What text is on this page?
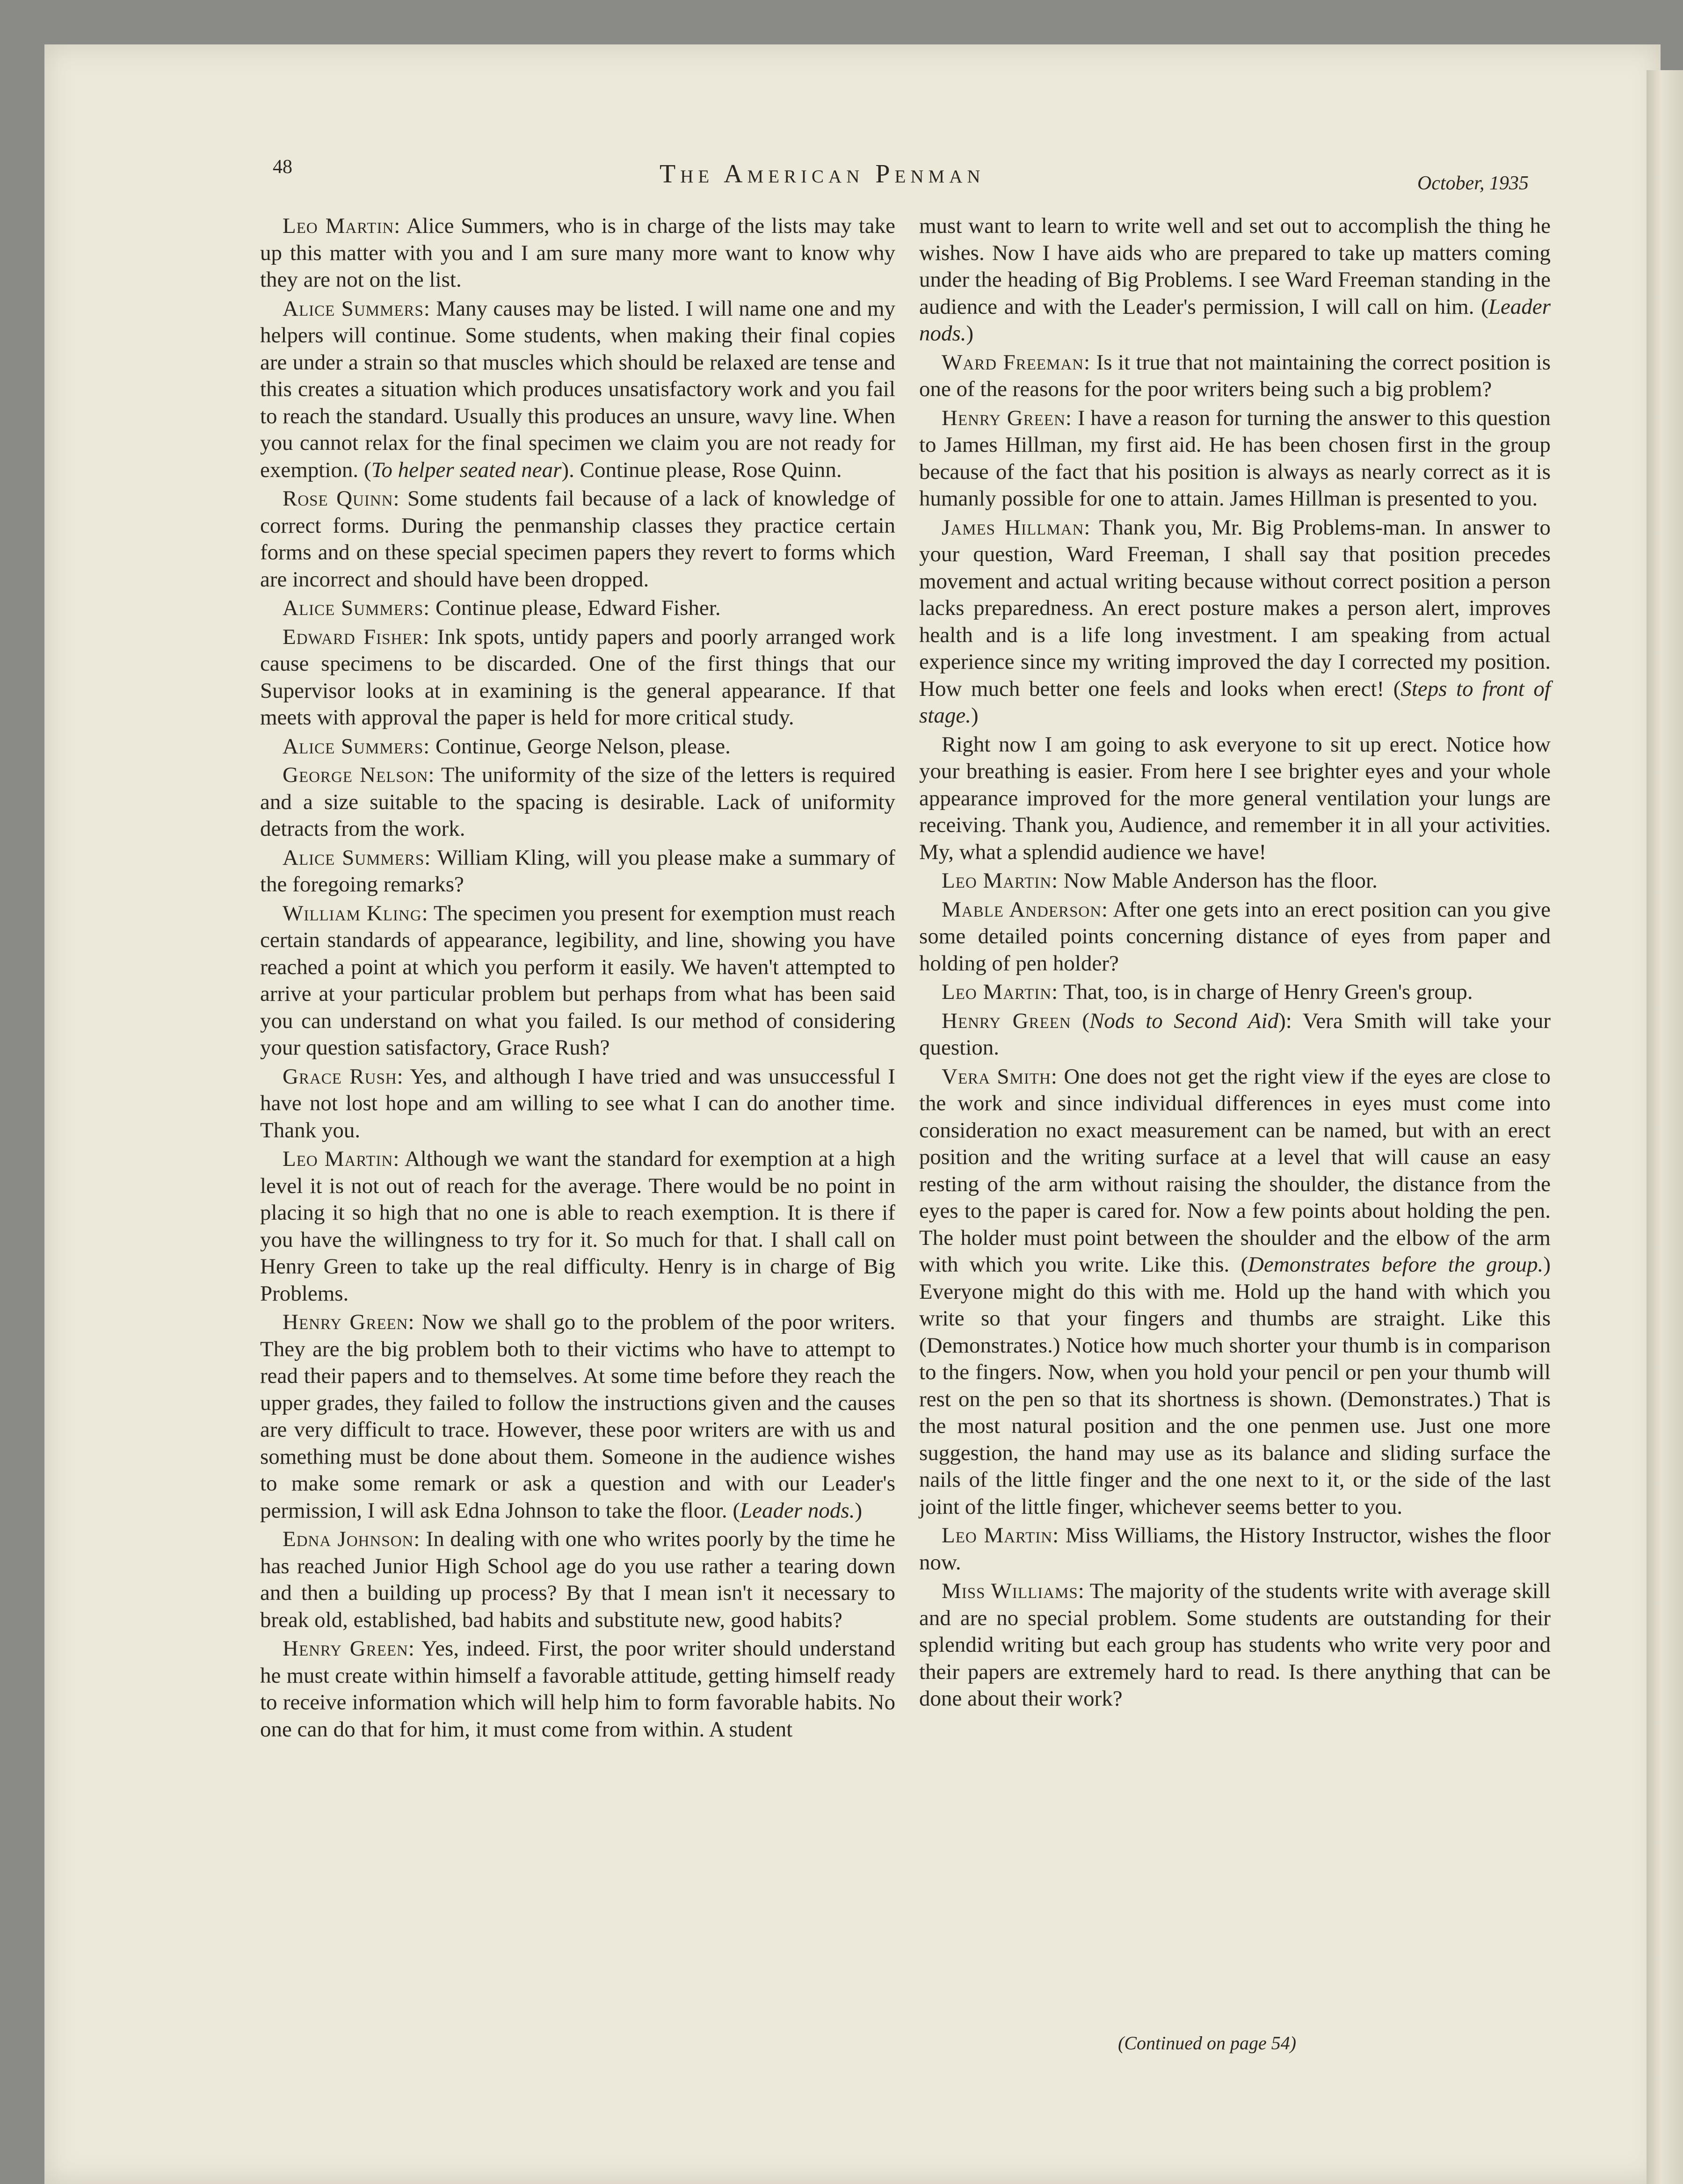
48	The American Penman	October, 1935

Leo Martin: Alice Summers, who is in charge of the lists may take up this matter with you and I am sure many more want to know why they are not on the list.

Alice Summers: Many causes may be listed. I will name one and my helpers will continue. Some students, when making their final copies are under a strain so that muscles which should be relaxed are tense and this creates a situation which produces unsatisfactory work and you fail to reach the standard. Usually this produces an unsure, wavy line. When you cannot relax for the final specimen we claim you are not ready for exemption. (To helper seated near). Continue please, Rose Quinn.

Rose Quinn: Some students fail because of a lack of knowledge of correct forms. During the penmanship classes they practice certain forms and on these special specimen papers they revert to forms which are incorrect and should have been dropped.

Alice Summers: Continue please, Edward Fisher.

Edward Fisher: Ink spots, untidy papers and poorly arranged work cause specimens to be discarded. One of the first things that our Supervisor looks at in examining is the general appearance. If that meets with approval the paper is held for more critical study.

Alice Summers: Continue, George Nelson, please.

George Nelson: The uniformity of the size of the letters is required and a size suitable to the spacing is desirable. Lack of uniformity detracts from the work.

Alice Summers: William Kling, will you please make a summary of the foregoing remarks?

William Kling: The specimen you present for exemption must reach certain standards of appearance, legibility, and line, showing you have reached a point at which you perform it easily. We haven't attempted to arrive at your particular problem but perhaps from what has been said you can understand on what you failed. Is our method of considering your question satisfactory, Grace Rush?

Grace Rush: Yes, and although I have tried and was unsuccessful I have not lost hope and am willing to see what I can do another time. Thank you.

Leo Martin: Although we want the standard for exemption at a high level it is not out of reach for the average. There would be no point in placing it so high that no one is able to reach exemption. It is there if you have the willingness to try for it. So much for that. I shall call on Henry Green to take up the real difficulty. Henry is in charge of Big Problems.

Henry Green: Now we shall go to the problem of the poor writers. They are the big problem both to their victims who have to attempt to read their papers and to themselves. At some time before they reach the upper grades, they failed to follow the instructions given and the causes are very difficult to trace. However, these poor writers are with us and something must be done about them. Someone in the audience wishes to make some remark or ask a question and with our Leader's permission, I will ask Edna Johnson to take the floor. (Leader nods.)

Edna Johnson: In dealing with one who writes poorly by the time he has reached Junior High School age do you use rather a tearing down and then a building up process? By that I mean isn't it necessary to break old, established, bad habits and substitute new, good habits?

Henry Green: Yes, indeed. First, the poor writer should understand he must create within himself a favorable attitude, getting himself ready to receive information which will help him to form favorable habits. No one can do that for him, it must come from within. A student

must want to learn to write well and set out to accomplish the thing he wishes. Now I have aids who are prepared to take up matters coming under the heading of Big Problems. I see Ward Freeman standing in the audience and with the Leader's permission, I will call on him. (Leader nods.)

Ward Freeman: Is it true that not maintaining the correct position is one of the reasons for the poor writers being such a big problem?

Henry Green: I have a reason for turning the answer to this question to James Hillman, my first aid. He has been chosen first in the group because of the fact that his position is always as nearly correct as it is humanly possible for one to attain. James Hillman is presented to you.

James Hillman: Thank you, Mr. Big Problems-man. In answer to your question, Ward Freeman, I shall say that position precedes movement and actual writing because without correct position a person lacks preparedness. An erect posture makes a person alert, improves health and is a life long investment. I am speaking from actual experience since my writing improved the day I corrected my position. How much better one feels and looks when erect! (Steps to front of stage.)

Right now I am going to ask everyone to sit up erect. Notice how your breathing is easier. From here I see brighter eyes and your whole appearance improved for the more general ventilation your lungs are receiving. Thank you, Audience, and remember it in all your activities. My, what a splendid audience we have!

Leo Martin: Now Mable Anderson has the floor.

Mable Anderson: After one gets into an erect position can you give some detailed points concerning distance of eyes from paper and holding of pen holder?

Leo Martin: That, too, is in charge of Henry Green's group.

Henry Green (Nods to Second Aid): Vera Smith will take your question.

Vera Smith: One does not get the right view if the eyes are close to the work and since individual differences in eyes must come into consideration no exact measurement can be named, but with an erect position and the writing surface at a level that will cause an easy resting of the arm without raising the shoulder, the distance from the eyes to the paper is cared for. Now a few points about holding the pen. The holder must point between the shoulder and the elbow of the arm with which you write. Like this. (Demonstrates before the group.) Everyone might do this with me. Hold up the hand with which you write so that your fingers and thumbs are straight. Like this (Demonstrates.) Notice how much shorter your thumb is in comparison to the fingers. Now, when you hold your pencil or pen your thumb will rest on the pen so that its shortness is shown. (Demonstrates.) That is the most natural position and the one penmen use. Just one more suggestion, the hand may use as its balance and sliding surface the nails of the little finger and the one next to it, or the side of the last joint of the little finger, whichever seems better to you.

Leo Martin: Miss Williams, the History Instructor, wishes the floor now.

Miss Williams: The majority of the students write with average skill and are no special problem. Some students are outstanding for their splendid writing but each group has students who write very poor and their papers are extremely hard to read. Is there anything that can be done about their work?

(Continued on page 54)
